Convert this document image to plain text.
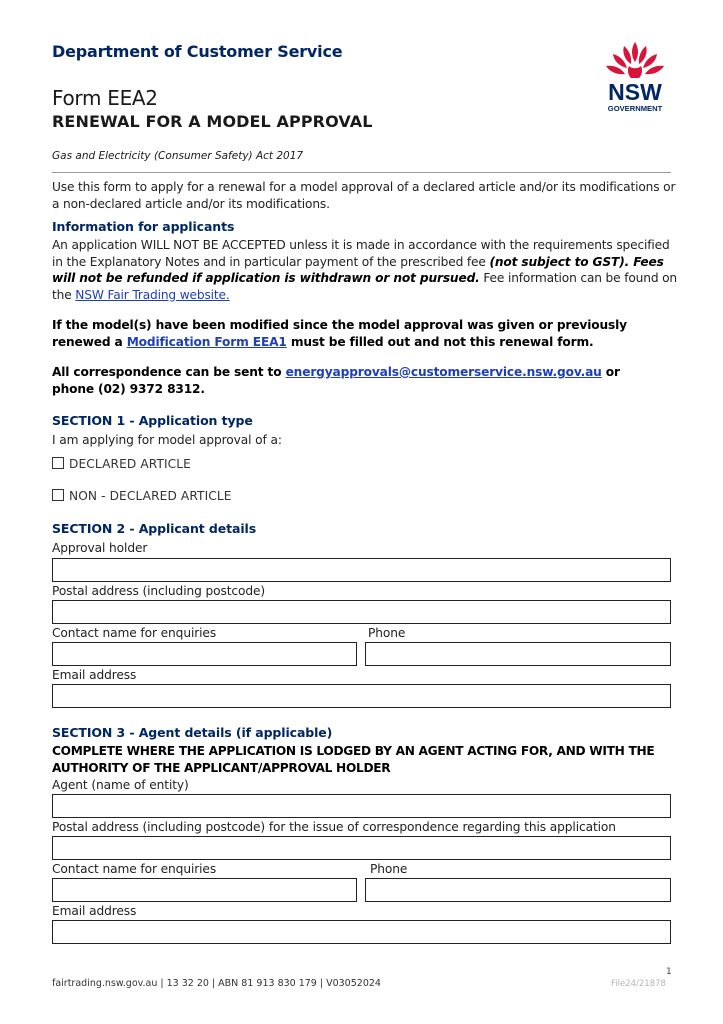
Department of Customer Service
Form EEA2
RENEWAL FOR A MODEL APPROVAL
NSW
GOVERNMENT
Gas and Electricity (Consumer Safety) Act 2017
Use this form to apply for a renewal for a model approval of a declared article and/or its modifications or a non-declared article and/or its modifications.
Information for applicants
An application WILL NOT BE ACCEPTED unless it is made in accordance with the requirements specified in the Explanatory Notes and in particular payment of the prescribed fee (not subject to GST). Fees will not be refunded if application is withdrawn or not pursued. Fee information can be found on the NSW Fair Trading website.
If the model(s) have been modified since the model approval was given or previously renewed a Modification Form EEA1 must be filled out and not this renewal form.
All correspondence can be sent to energyapprovals@customerservice.nsw.gov.au or phone (02) 9372 8312.
SECTION 1 - Application type
I am applying for model approval of a:
DECLARED ARTICLE
NON - DECLARED ARTICLE
SECTION 2 - Applicant details
Approval holder
Postal address (including postcode)
Contact name for enquiries	Phone
Email address
SECTION 3 - Agent details (if applicable)
COMPLETE WHERE THE APPLICATION IS LODGED BY AN AGENT ACTING FOR, AND WITH THE AUTHORITY OF THE APPLICANT/APPROVAL HOLDER
Agent (name of entity)
Postal address (including postcode) for the issue of correspondence regarding this application
Contact name for enquiries	Phone
Email address
1
fairtrading.nsw.gov.au | 13 32 20 | ABN 81 913 830 179 | V03052024	File24/21878
